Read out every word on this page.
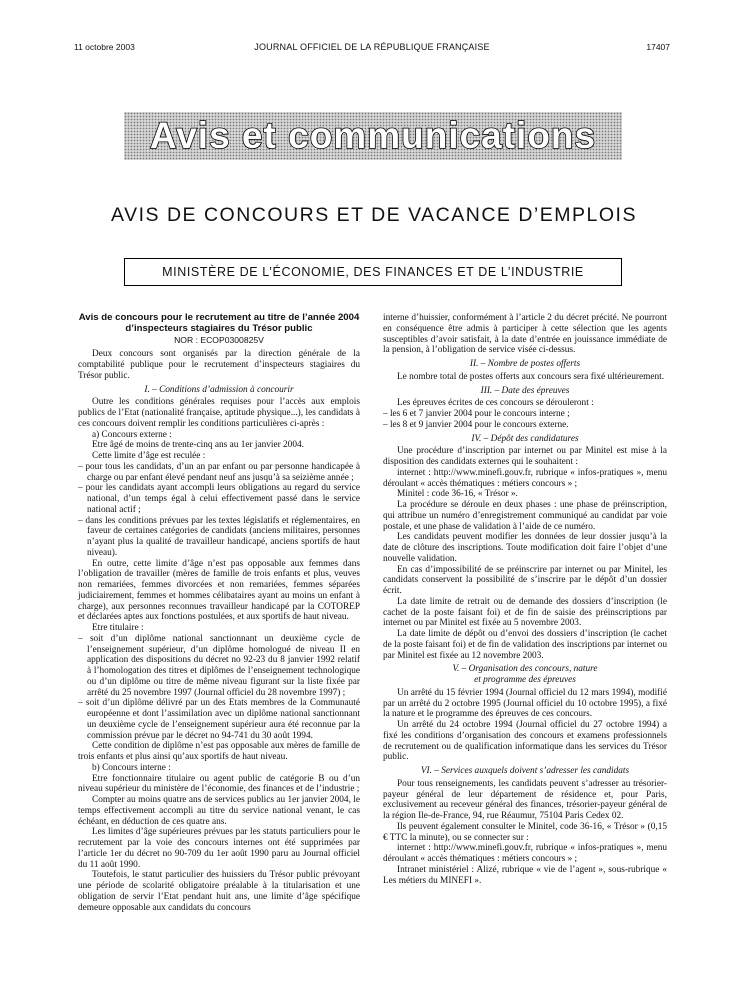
11 octobre 2003	JOURNAL OFFICIEL DE LA RÉPUBLIQUE FRANÇAISE	17407
Avis et communications
AVIS DE CONCOURS ET DE VACANCE D’EMPLOIS
MINISTÈRE DE L’ÉCONOMIE, DES FINANCES ET DE L’INDUSTRIE
Avis de concours pour le recrutement au titre de l’année 2004 d’inspecteurs stagiaires du Trésor public
NOR : ECOP0300825V

Deux concours sont organisés par la direction générale de la comptabilité publique pour le recrutement d’inspecteurs stagiaires du Trésor public.

I. – Conditions d’admission à concourir

Outre les conditions générales requises pour l’accès aux emplois publics de l’Etat (nationalité française, aptitude physique...), les candidats à ces concours doivent remplir les conditions particulières ci-après :

a) Concours externe :

Etre âgé de moins de trente-cinq ans au 1er janvier 2004.

Cette limite d’âge est reculée :

– pour tous les candidats, d’un an par enfant ou par personne handicapée à charge ou par enfant élevé pendant neuf ans jusqu’à sa seizième année ;

– pour les candidats ayant accompli leurs obligations au regard du service national, d’un temps égal à celui effectivement passé dans le service national actif ;

– dans les conditions prévues par les textes législatifs et réglementaires, en faveur de certaines catégories de candidats (anciens militaires, personnes n’ayant plus la qualité de travailleur handicapé, anciens sportifs de haut niveau).

En outre, cette limite d’âge n’est pas opposable aux femmes dans l’obligation de travailler (mères de famille de trois enfants et plus, veuves non remariées, femmes divorcées et non remariées, femmes séparées judiciairement, femmes et hommes célibataires ayant au moins un enfant à charge), aux personnes reconnues travailleur handicapé par la COTOREP et déclarées aptes aux fonctions postulées, et aux sportifs de haut niveau.

Etre titulaire :

– soit d’un diplôme national sanctionnant un deuxième cycle de l’enseignement supérieur, d’un diplôme homologué de niveau II en application des dispositions du décret no 92-23 du 8 janvier 1992 relatif à l’homologation des titres et diplômes de l’enseignement technologique ou d’un diplôme ou titre de même niveau figurant sur la liste fixée par arrêté du 25 novembre 1997 (Journal officiel du 28 novembre 1997) ;

– soit d’un diplôme délivré par un des Etats membres de la Communauté européenne et dont l’assimilation avec un diplôme national sanctionnant un deuxième cycle de l’enseignement supérieur aura été reconnue par la commission prévue par le décret no 94-741 du 30 août 1994.

Cette condition de diplôme n’est pas opposable aux mères de famille de trois enfants et plus ainsi qu’aux sportifs de haut niveau.

b) Concours interne :

Etre fonctionnaire titulaire ou agent public de catégorie B ou d’un niveau supérieur du ministère de l’économie, des finances et de l’industrie ;

Compter au moins quatre ans de services publics au 1er janvier 2004, le temps effectivement accompli au titre du service national venant, le cas échéant, en déduction de ces quatre ans.

Les limites d’âge supérieures prévues par les statuts particuliers pour le recrutement par la voie des concours internes ont été supprimées par l’article 1er du décret no 90-709 du 1er août 1990 paru au Journal officiel du 11 août 1990.

Toutefois, le statut particulier des huissiers du Trésor public prévoyant une période de scolarité obligatoire préalable à la titularisation et une obligation de servir l’Etat pendant huit ans, une limite d’âge spécifique demeure opposable aux candidats du concours

interne d’huissier, conformément à l’article 2 du décret précité. Ne pourront en conséquence être admis à participer à cette sélection que les agents susceptibles d’avoir satisfait, à la date d’entrée en jouissance immédiate de la pension, à l’obligation de service visée ci-dessus.

II. – Nombre de postes offerts

Le nombre total de postes offerts aux concours sera fixé ultérieurement.

III. – Date des épreuves

Les épreuves écrites de ces concours se dérouleront :

– les 6 et 7 janvier 2004 pour le concours interne ;

– les 8 et 9 janvier 2004 pour le concours externe.

IV. – Dépôt des candidatures

Une procédure d’inscription par internet ou par Minitel est mise à la disposition des candidats externes qui le souhaitent :

internet : http://www.minefi.gouv.fr, rubrique « infos-pratiques », menu déroulant « accès thématiques : métiers concours » ;

Minitel : code 36-16, « Trésor ».

La procédure se déroule en deux phases : une phase de préinscription, qui attribue un numéro d’enregistrement communiqué au candidat par voie postale, et une phase de validation à l’aide de ce numéro.

Les candidats peuvent modifier les données de leur dossier jusqu’à la date de clôture des inscriptions. Toute modification doit faire l’objet d’une nouvelle validation.

En cas d’impossibilité de se préinscrire par internet ou par Minitel, les candidats conservent la possibilité de s’inscrire par le dépôt d’un dossier écrit.

La date limite de retrait ou de demande des dossiers d’inscription (le cachet de la poste faisant foi) et de fin de saisie des préinscriptions par internet ou par Minitel est fixée au 5 novembre 2003.

La date limite de dépôt ou d’envoi des dossiers d’inscription (le cachet de la poste faisant foi) et de fin de validation des inscriptions par internet ou par Minitel est fixée au 12 novembre 2003.

V. – Organisation des concours, nature
et programme des épreuves

Un arrêté du 15 février 1994 (Journal officiel du 12 mars 1994), modifié par un arrêté du 2 octobre 1995 (Journal officiel du 10 octobre 1995), a fixé la nature et le programme des épreuves de ces concours.

Un arrêté du 24 octobre 1994 (Journal officiel du 27 octobre 1994) a fixé les conditions d’organisation des concours et examens professionnels de recrutement ou de qualification informatique dans les services du Trésor public.

VI. – Services auxquels doivent s’adresser les candidats

Pour tous renseignements, les candidats peuvent s’adresser au trésorier-payeur général de leur département de résidence et, pour Paris, exclusivement au receveur général des finances, trésorier-payeur général de la région Ile-de-France, 94, rue Réaumur, 75104 Paris Cedex 02.

Ils peuvent également consulter le Minitel, code 36-16, « Trésor » (0,15 € TTC la minute), ou se connecter sur :

internet : http://www.minefi.gouv.fr, rubrique « infos-pratiques », menu déroulant « accès thématiques : métiers concours » ;

Intranet ministériel : Alizé, rubrique « vie de l’agent », sous-rubrique « Les métiers du MINEFI ».
